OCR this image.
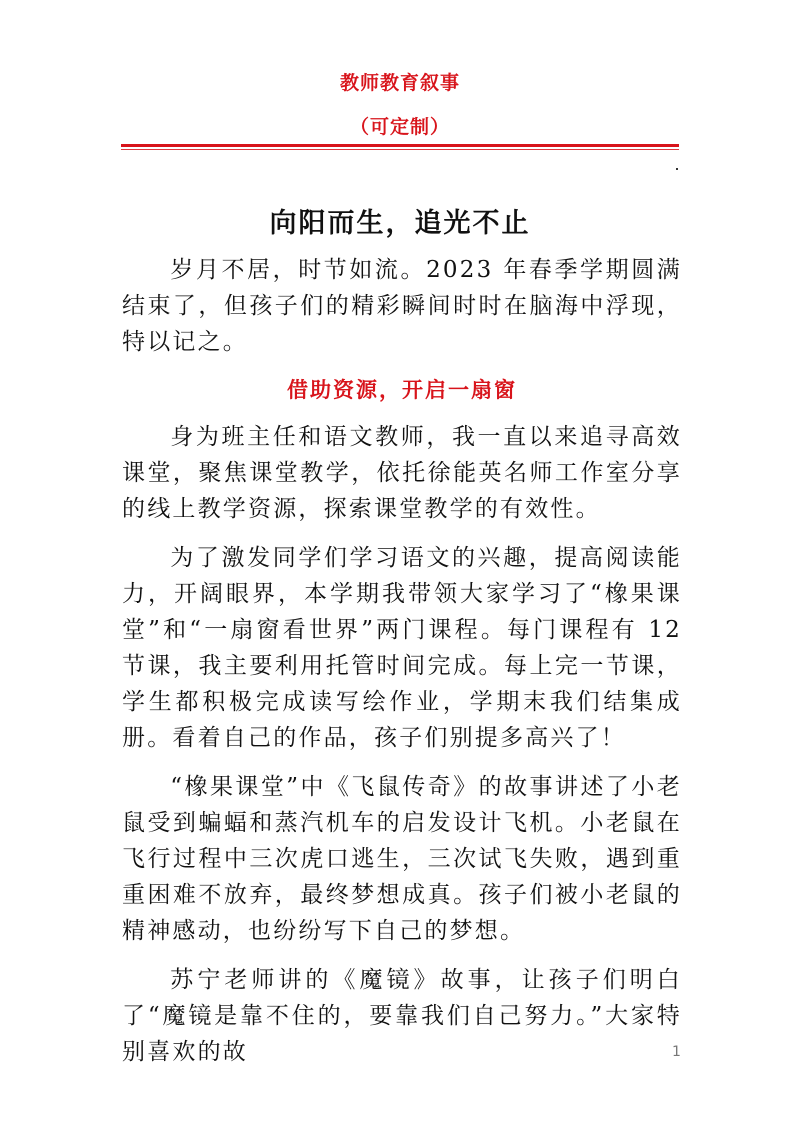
教师教育叙事
（可定制）
向阳而生，追光不止

岁月不居，时节如流。2023 年春季学期圆满结束了，但孩子们的精彩瞬间时时在脑海中浮现，特以记之。

借助资源，开启一扇窗

身为班主任和语文教师，我一直以来追寻高效课堂，聚焦课堂教学，依托徐能英名师工作室分享的线上教学资源，探索课堂教学的有效性。

为了激发同学们学习语文的兴趣，提高阅读能力，开阔眼界，本学期我带领大家学习了“橡果课堂”和“一扇窗看世界”两门课程。每门课程有 12 节课，我主要利用托管时间完成。每上完一节课，学生都积极完成读写绘作业，学期末我们结集成册。看着自己的作品，孩子们别提多高兴了！

“橡果课堂”中《飞鼠传奇》的故事讲述了小老鼠受到蝙蝠和蒸汽机车的启发设计飞机。小老鼠在飞行过程中三次虎口逃生，三次试飞失败，遇到重重困难不放弃，最终梦想成真。孩子们被小老鼠的精神感动，也纷纷写下自己的梦想。

苏宁老师讲的《魔镜》故事，让孩子们明白了“魔镜是靠不住的，要靠我们自己努力。”大家特别喜欢的故	1
